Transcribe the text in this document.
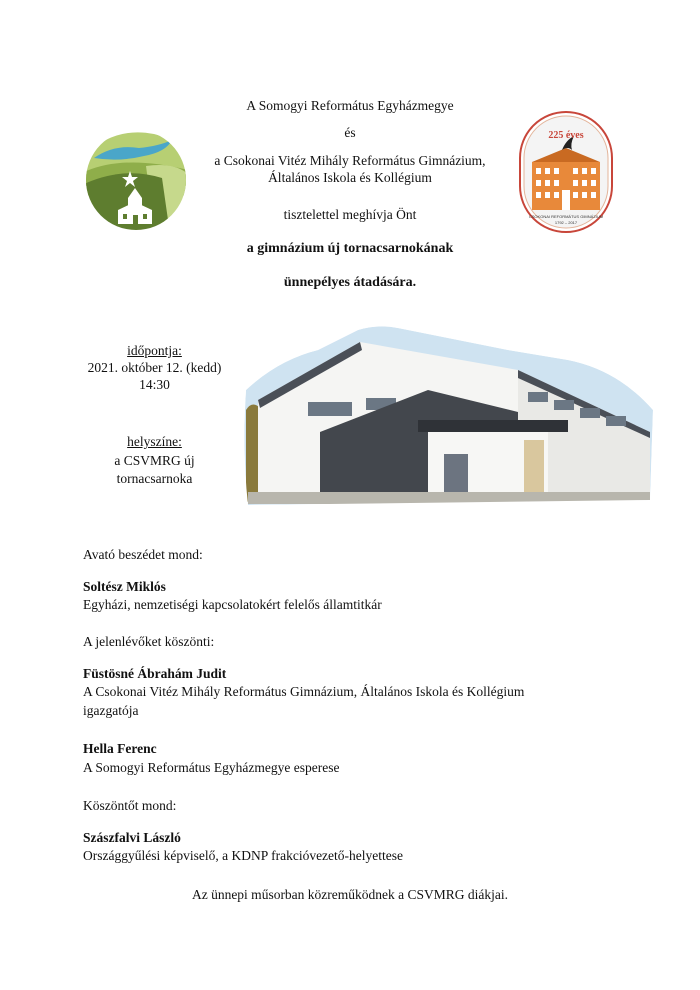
225 éves
CSOKONAI REFORMÁTUS GIMNÁZIUM
1792 – 2017
A Somogyi Református Egyházmegye
és
a Csokonai Vitéz Mihály Református Gimnázium,
Általános Iskola és Kollégium
tisztelettel meghívja Önt
a gimnázium új tornacsarnokának
ünnepélyes átadására.
időpontja:
2021. október 12. (kedd)
14:30
helyszíne:
a CSVMRG új
tornacsarnoka
Avató beszédet mond:
Soltész Miklós
Egyházi, nemzetiségi kapcsolatokért felelős államtitkár
A jelenlévőket köszönti:
Füstösné Ábrahám Judit
A Csokonai Vitéz Mihály Református Gimnázium, Általános Iskola és Kollégium
igazgatója
Hella Ferenc
A Somogyi Református Egyházmegye esperese
Köszöntőt mond:
Szászfalvi László
Országgyűlési képviselő, a KDNP frakcióvezető-helyettese
Az ünnepi műsorban közreműködnek a CSVMRG diákjai.
